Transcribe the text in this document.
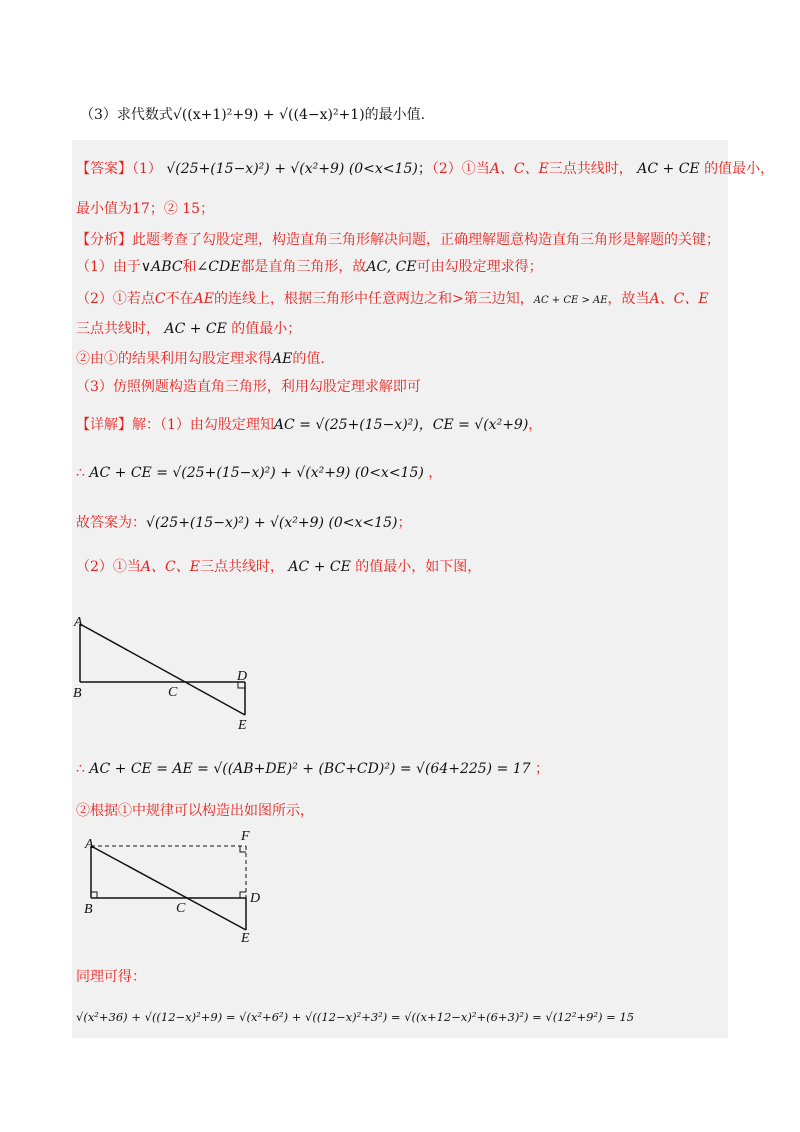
（3）求代数式√((x+1)²+9) + √((4−x)²+1)的最小值.
【答案】（1） √(25+(15−x)²) + √(x²+9) (0<x<15)；（2）①当A、C、E三点共线时， AC + CE 的值最小，
最小值为17；② 15；
【分析】此题考查了勾股定理，构造直角三角形解决问题，正确理解题意构造直角三角形是解题的关键；
（1）由于∨ABC和∠CDE都是直角三角形，故AC, CE可由勾股定理求得；
（2）①若点C不在AE的连线上，根据三角形中任意两边之和>第三边知，AC + CE > AE，故当A、C、E
三点共线时， AC + CE 的值最小；
②由①的结果利用勾股定理求得AE的值.
（3）仿照例题构造直角三角形，利用勾股定理求解即可
【详解】解：（1）由勾股定理知AC = √(25+(15−x)²)，CE = √(x²+9)，
∴ AC + CE = √(25+(15−x)²) + √(x²+9) (0<x<15) ，
故答案为：√(25+(15−x)²) + √(x²+9) (0<x<15)；
（2）①当A、C、E三点共线时， AC + CE 的值最小，如下图，
A
B	C
D
E
∴ AC + CE = AE = √((AB+DE)² + (BC+CD)²) = √(64+225) = 17 ；
②根据①中规律可以构造出如图所示，
A
B	C
D
E
F
同理可得：
√(x²+36) + √((12−x)²+9) = √(x²+6²) + √((12−x)²+3²) = √((x+12−x)²+(6+3)²) = √(12²+9²) = 15
